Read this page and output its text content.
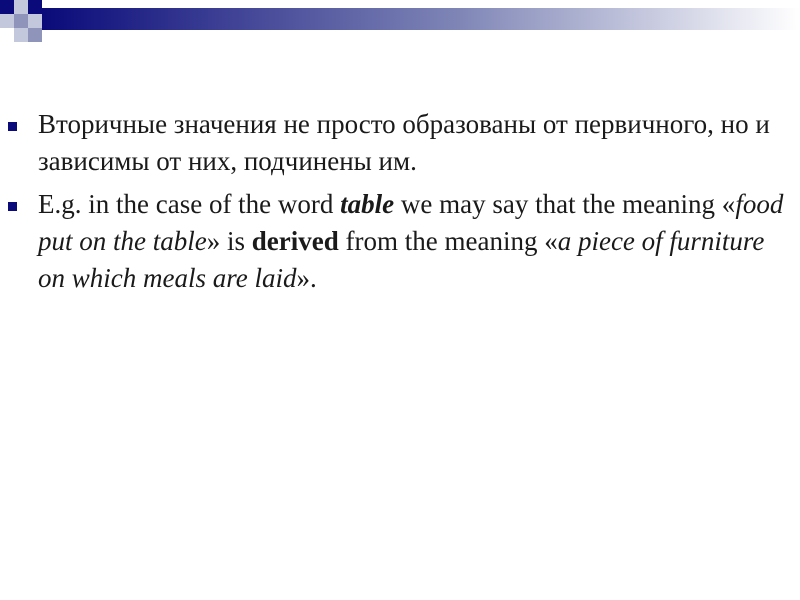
Вторичные значения не просто образованы от первичного, но и зависимы от них, подчинены им.
E.g. in the case of the word table we may say that the meaning «food put on the table» is derived from the meaning «a piece of furniture on which meals are laid».
